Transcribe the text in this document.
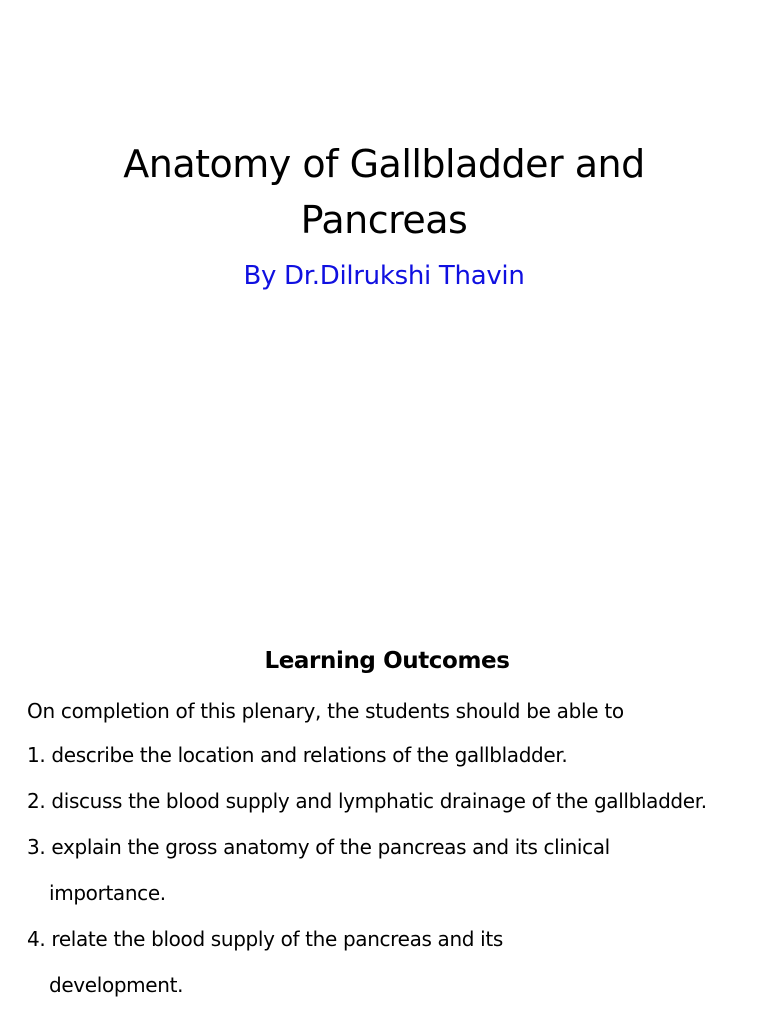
Anatomy of Gallbladder and
Pancreas
By Dr.Dilrukshi Thavin
Learning Outcomes
On completion of this plenary, the students should be able to
1. describe the location and relations of the gallbladder.
2. discuss the blood supply and lymphatic drainage of the gallbladder.
3. explain the gross anatomy of the pancreas and its clinical
importance.
4. relate the blood supply of the pancreas and its
development.
